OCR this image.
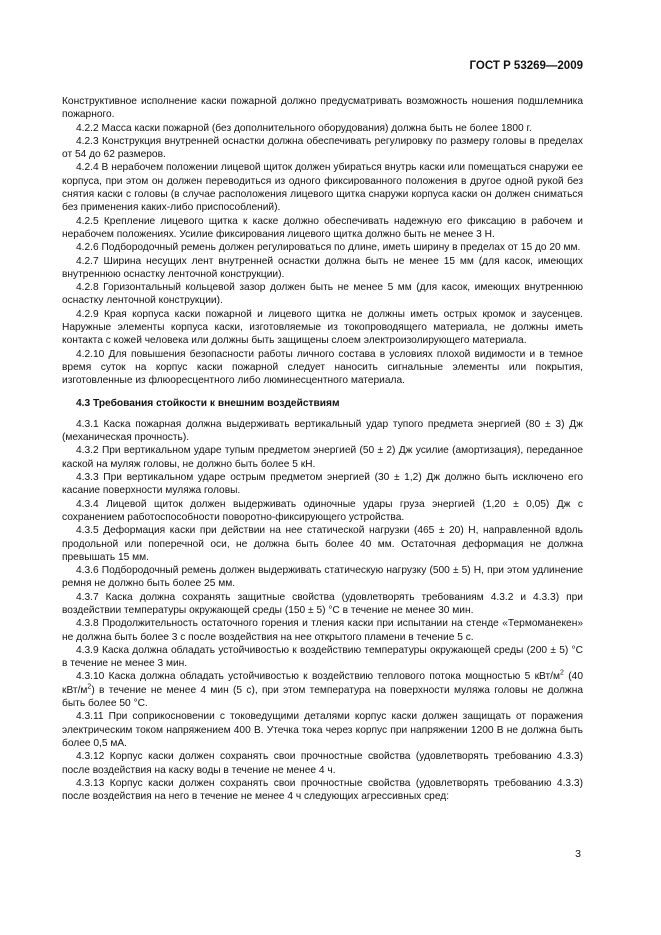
ГОСТ Р 53269—2009

Конструктивное исполнение каски пожарной должно предусматривать возможность ношения подшлемника пожарного.

4.2.2 Масса каски пожарной (без дополнительного оборудования) должна быть не более 1800 г.

4.2.3 Конструкция внутренней оснастки должна обеспечивать регулировку по размеру головы в пределах от 54 до 62 размеров.

4.2.4 В нерабочем положении лицевой щиток должен убираться внутрь каски или помещаться снаружи ее корпуса, при этом он должен переводиться из одного фиксированного положения в другое одной рукой без снятия каски с головы (в случае расположения лицевого щитка снаружи корпуса каски он должен сниматься без применения каких-либо приспособлений).

4.2.5 Крепление лицевого щитка к каске должно обеспечивать надежную его фиксацию в рабочем и нерабочем положениях. Усилие фиксирования лицевого щитка должно быть не менее 3 Н.

4.2.6 Подбородочный ремень должен регулироваться по длине, иметь ширину в пределах от 15 до 20 мм.

4.2.7 Ширина несущих лент внутренней оснастки должна быть не менее 15 мм (для касок, имеющих внутреннюю оснастку ленточной конструкции).

4.2.8 Горизонтальный кольцевой зазор должен быть не менее 5 мм (для касок, имеющих внутреннюю оснастку ленточной конструкции).

4.2.9 Края корпуса каски пожарной и лицевого щитка не должны иметь острых кромок и заусенцев. Наружные элементы корпуса каски, изготовляемые из токопроводящего материала, не должны иметь контакта с кожей человека или должны быть защищены слоем электроизолирующего материала.

4.2.10 Для повышения безопасности работы личного состава в условиях плохой видимости и в темное время суток на корпус каски пожарной следует наносить сигнальные элементы или покрытия, изготовленные из флюоресцентного либо люминесцентного материала.

4.3 Требования стойкости к внешним воздействиям

4.3.1 Каска пожарная должна выдерживать вертикальный удар тупого предмета энергией (80 ± 3) Дж (механическая прочность).

4.3.2 При вертикальном ударе тупым предметом энергией (50 ± 2) Дж усилие (амортизация), переданное каской на муляж головы, не должно быть более 5 кН.

4.3.3 При вертикальном ударе острым предметом энергией (30 ± 1,2) Дж должно быть исключено его касание поверхности муляжа головы.

4.3.4 Лицевой щиток должен выдерживать одиночные удары груза энергией (1,20 ± 0,05) Дж с сохранением работоспособности поворотно-фиксирующего устройства.

4.3.5 Деформация каски при действии на нее статической нагрузки (465 ± 20) Н, направленной вдоль продольной или поперечной оси, не должна быть более 40 мм. Остаточная деформация не должна превышать 15 мм.

4.3.6 Подбородочный ремень должен выдерживать статическую нагрузку (500 ± 5) Н, при этом удлинение ремня не должно быть более 25 мм.

4.3.7 Каска должна сохранять защитные свойства (удовлетворять требованиям 4.3.2 и 4.3.3) при воздействии температуры окружающей среды (150 ± 5) °С в течение не менее 30 мин.

4.3.8 Продолжительность остаточного горения и тления каски при испытании на стенде «Термоманекен» не должна быть более 3 с после воздействия на нее открытого пламени в течение 5 с.

4.3.9 Каска должна обладать устойчивостью к воздействию температуры окружающей среды (200 ± 5) °С в течение не менее 3 мин.

4.3.10 Каска должна обладать устойчивостью к воздействию теплового потока мощностью 5 кВт/$м^2$ (40 кВт/$м^2$) в течение не менее 4 мин (5 с), при этом температура на поверхности муляжа головы не должна быть более 50 °С.

4.3.11 При соприкосновении с токоведущими деталями корпус каски должен защищать от поражения электрическим током напряжением 400 В. Утечка тока через корпус при напряжении 1200 В не должна быть более 0,5 мА.

4.3.12 Корпус каски должен сохранять свои прочностные свойства (удовлетворять требованию 4.3.3) после воздействия на каску воды в течение не менее 4 ч.

4.3.13 Корпус каски должен сохранять свои прочностные свойства (удовлетворять требованию 4.3.3) после воздействия на него в течение не менее 4 ч следующих агрессивных сред:

3
